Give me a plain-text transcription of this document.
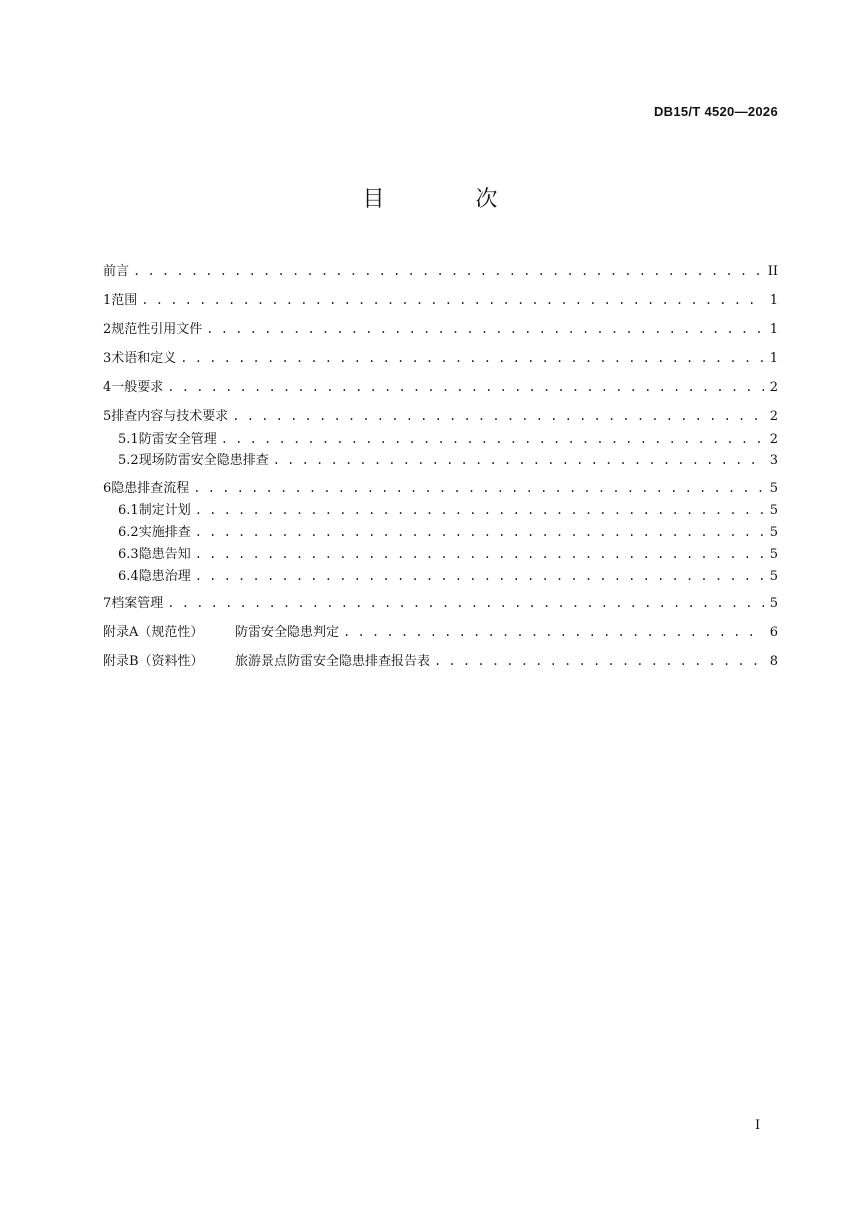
DB15/T 4520—2026
目 次
前言 . . .	II
1 范围 . . .	1
2 规范性引用文件 . . .	1
3 术语和定义 . . .	1
4 一般要求 . . .	2
5 排查内容与技术要求 . . .	2
5.1 防雷安全管理 . . .	2
5.2 现场防雷安全隐患排查 . . .	3
6 隐患排查流程 . . .	5
6.1 制定计划 . . .	5
6.2 实施排查 . . .	5
6.3 隐患告知 . . .	5
6.4 隐患治理 . . .	5
7 档案管理 . . .	5
附录A（规范性）	防雷安全隐患判定 . . .	6
附录B（资料性）	旅游景点防雷安全隐患排查报告表 . . .	8
I
